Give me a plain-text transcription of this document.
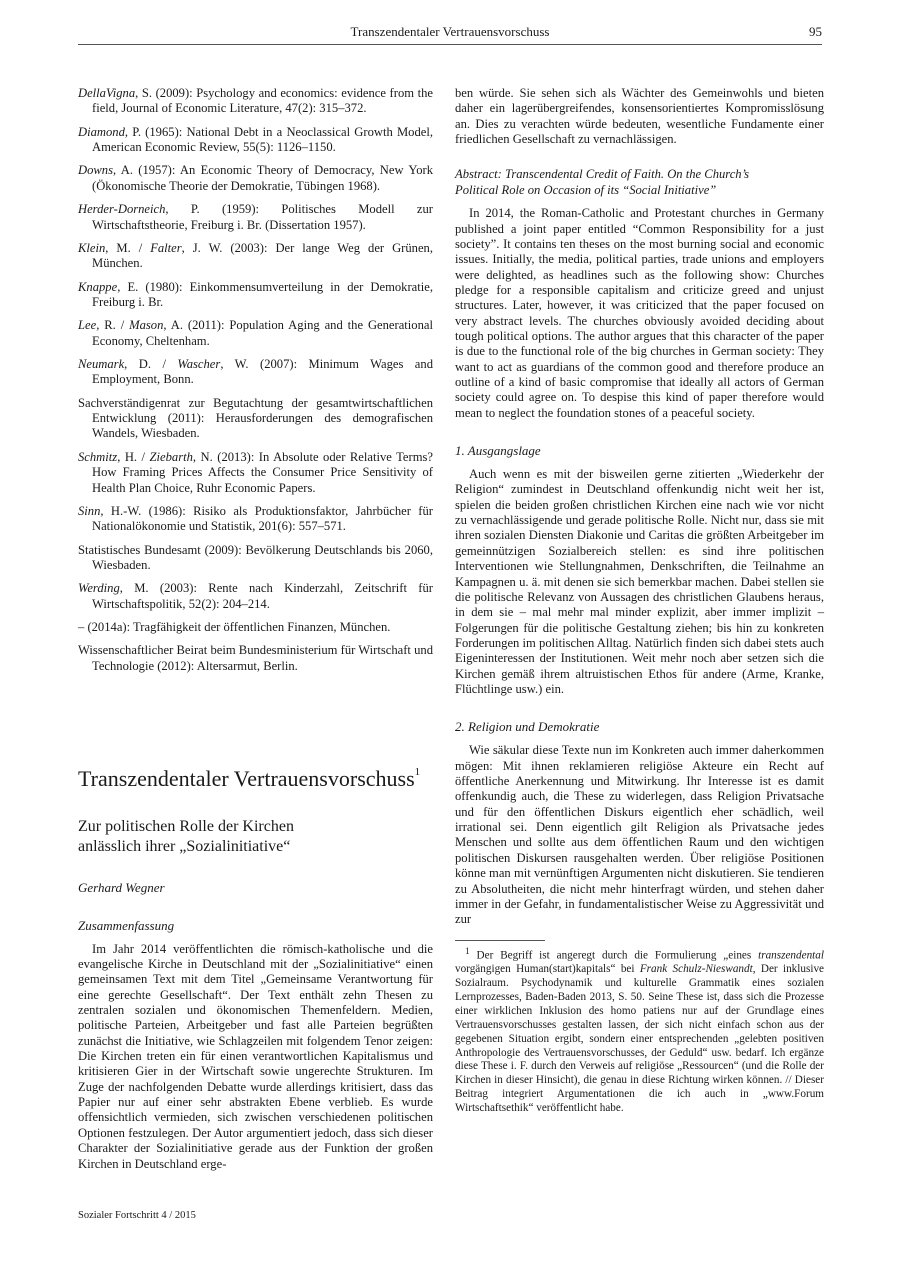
Transzendentaler Vertrauensvorschuss	95
DellaVigna, S. (2009): Psychology and economics: evidence from the field, Journal of Economic Literature, 47(2): 315–372.
Diamond, P. (1965): National Debt in a Neoclassical Growth Model, American Economic Review, 55(5): 1126–1150.
Downs, A. (1957): An Economic Theory of Democracy, New York (Ökonomische Theorie der Demokratie, Tübingen 1968).
Herder-Dorneich, P. (1959): Politisches Modell zur Wirtschaftstheorie, Freiburg i. Br. (Dissertation 1957).
Klein, M. / Falter, J. W. (2003): Der lange Weg der Grünen, München.
Knappe, E. (1980): Einkommensumverteilung in der Demokratie, Freiburg i. Br.
Lee, R. / Mason, A. (2011): Population Aging and the Generational Economy, Cheltenham.
Neumark, D. / Wascher, W. (2007): Minimum Wages and Employment, Bonn.
Sachverständigenrat zur Begutachtung der gesamtwirtschaftlichen Entwicklung (2011): Herausforderungen des demografischen Wandels, Wiesbaden.
Schmitz, H. / Ziebarth, N. (2013): In Absolute oder Relative Terms? How Framing Prices Affects the Consumer Price Sensitivity of Health Plan Choice, Ruhr Economic Papers.
Sinn, H.-W. (1986): Risiko als Produktionsfaktor, Jahrbücher für Nationalökonomie und Statistik, 201(6): 557–571.
Statistisches Bundesamt (2009): Bevölkerung Deutschlands bis 2060, Wiesbaden.
Werding, M. (2003): Rente nach Kinderzahl, Zeitschrift für Wirtschaftspolitik, 52(2): 204–214.
– (2014a): Tragfähigkeit der öffentlichen Finanzen, München.
Wissenschaftlicher Beirat beim Bundesministerium für Wirtschaft und Technologie (2012): Altersarmut, Berlin.
Transzendentaler Vertrauensvorschuss$^1$
Zur politischen Rolle der Kirchen
anlässlich ihrer „Sozialinitiative“
Gerhard Wegner
Zusammenfassung

Im Jahr 2014 veröffentlichten die römisch-katholische und die evangelische Kirche in Deutschland mit der „Sozialinitiative“ einen gemeinsamen Text mit dem Titel „Gemeinsame Verantwortung für eine gerechte Gesellschaft“. Der Text enthält zehn Thesen zu zentralen sozialen und ökonomischen Themenfeldern. Medien, politische Parteien, Arbeitgeber und fast alle Parteien begrüßten zunächst die Initiative, wie Schlagzeilen mit folgendem Tenor zeigen: Die Kirchen treten ein für einen verantwortlichen Kapitalismus und kritisieren Gier in der Wirtschaft sowie ungerechte Strukturen. Im Zuge der nachfolgenden Debatte wurde allerdings kritisiert, dass das Papier nur auf einer sehr abstrakten Ebene verblieb. Es wurde offensichtlich vermieden, sich zwischen verschiedenen politischen Optionen festzulegen. Der Autor argumentiert jedoch, dass sich dieser Charakter der Sozialinitiative gerade aus der Funktion der großen Kirchen in Deutschland erge-

ben würde. Sie sehen sich als Wächter des Gemeinwohls und bieten daher ein lagerübergreifendes, konsensorientiertes Kompromisslösung an. Dies zu verachten würde bedeuten, wesentliche Fundamente einer friedlichen Gesellschaft zu vernachlässigen.

Abstract: Transcendental Credit of Faith. On the Church’s
Political Role on Occasion of its “Social Initiative”

In 2014, the Roman-Catholic and Protestant churches in Germany published a joint paper entitled “Common Responsibility for a just society”. It contains ten theses on the most burning social and economic issues. Initially, the media, political parties, trade unions and employers were delighted, as headlines such as the following show: Churches pledge for a responsible capitalism and criticize greed and unjust structures. Later, however, it was criticized that the paper focused on very abstract levels. The churches obviously avoided deciding about tough political options. The author argues that this character of the paper is due to the functional role of the big churches in German society: They want to act as guardians of the common good and therefore produce an outline of a kind of basic compromise that ideally all actors of German society could agree on. To despise this kind of paper therefore would mean to neglect the foundation stones of a peaceful society.

1. Ausgangslage

Auch wenn es mit der bisweilen gerne zitierten „Wiederkehr der Religion“ zumindest in Deutschland offenkundig nicht weit her ist, spielen die beiden großen christlichen Kirchen eine nach wie vor nicht zu vernachlässigende und gerade politische Rolle. Nicht nur, dass sie mit ihren sozialen Diensten Diakonie und Caritas die größten Arbeitgeber im gemeinnützigen Sozialbereich stellen: es sind ihre politischen Interventionen wie Stellungnahmen, Denkschriften, die Teilnahme an Kampagnen u. ä. mit denen sie sich bemerkbar machen. Dabei stellen sie die politische Relevanz von Aussagen des christlichen Glaubens heraus, in dem sie – mal mehr mal minder explizit, aber immer implizit – Folgerungen für die politische Gestaltung ziehen; bis hin zu konkreten Forderungen im politischen Alltag. Natürlich finden sich dabei stets auch Eigeninteressen der Institutionen. Weit mehr noch aber setzen sich die Kirchen gemäß ihrem altruistischen Ethos für andere (Arme, Kranke, Flüchtlinge usw.) ein.

2. Religion und Demokratie

Wie säkular diese Texte nun im Konkreten auch immer daherkommen mögen: Mit ihnen reklamieren religiöse Akteure ein Recht auf öffentliche Anerkennung und Mitwirkung. Ihr Interesse ist es damit offenkundig auch, die These zu widerlegen, dass Religion Privatsache und für den öffentlichen Diskurs eigentlich eher schädlich, weil irrational sei. Denn eigentlich gilt Religion als Privatsache jedes Menschen und sollte aus dem öffentlichen Raum und den wichtigen politischen Diskursen rausgehalten werden. Über religiöse Positionen könne man mit vernünftigen Argumenten nicht diskutieren. Sie tendieren zu Absolutheiten, die nicht mehr hinterfragt würden, und stehen daher immer in der Gefahr, in fundamentalistischer Weise zu Aggressivität und zur

$^1$ Der Begriff ist angeregt durch die Formulierung „eines transzendental vorgängigen Human(start)kapitals“ bei Frank Schulz-Nieswandt, Der inklusive Sozialraum. Psychodynamik und kulturelle Grammatik eines sozialen Lernprozesses, Baden-Baden 2013, S. 50. Seine These ist, dass sich die Prozesse einer wirklichen Inklusion des homo patiens nur auf der Grundlage eines Vertrauensvorschusses gestalten lassen, der sich nicht einfach schon aus der gegebenen Situation ergibt, sondern einer entsprechenden „gelebten positiven Anthropologie des Vertrauensvorschusses, der Geduld“ usw. bedarf. Ich ergänze diese These i. F. durch den Verweis auf religiöse „Ressourcen“ (und die Rolle der Kirchen in dieser Hinsicht), die genau in diese Richtung wirken können. // Dieser Beitrag integriert Argumentationen die ich auch in „www.Forum Wirtschaftsethik“ veröffentlicht habe.

Sozialer Fortschritt 4 / 2015
